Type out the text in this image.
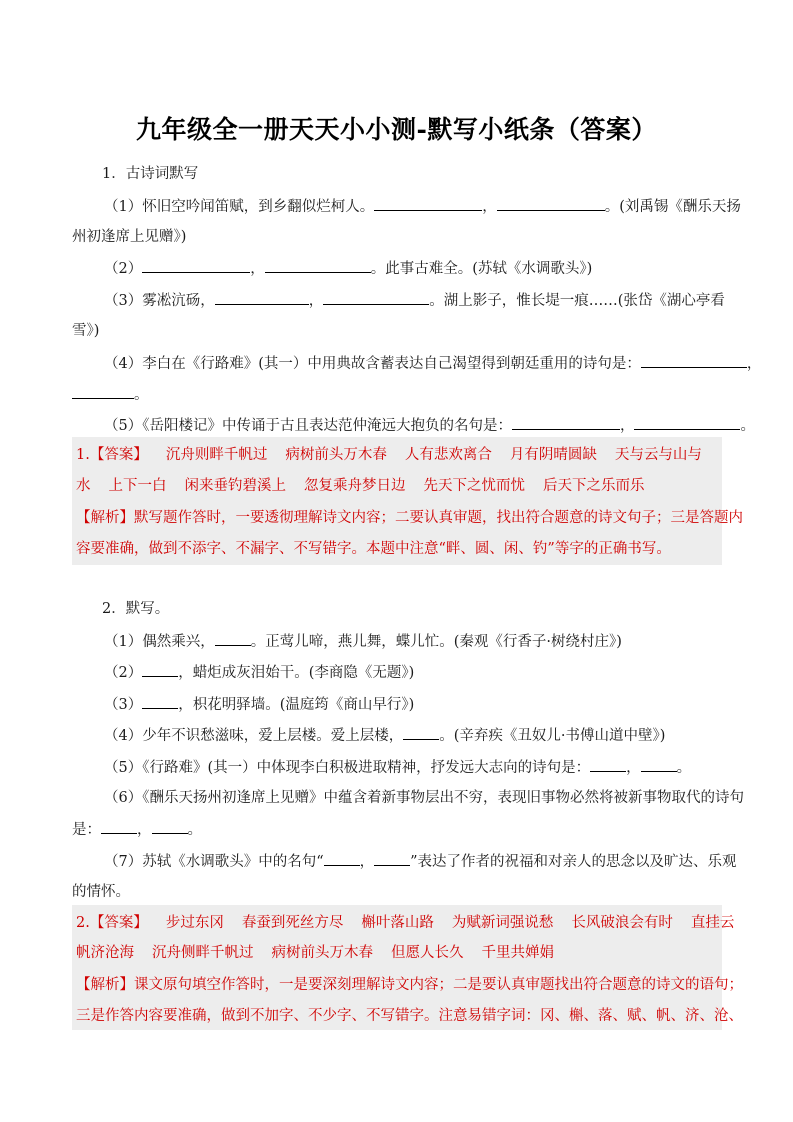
九年级全一册天天小小测-默写小纸条（答案）
1．古诗词默写
（1）怀旧空吟闻笛赋，到乡翻似烂柯人。	，	。(刘禹锡《酬乐天扬
州初逢席上见赠》)
（2）	，	。此事古难全。(苏轼《水调歌头》)
（3）雾凇沆砀，	，	。湖上影子，惟长堤一痕……(张岱《湖心亭看
雪》)
（4）李白在《行路难》(其一）中用典故含蓄表达自己渴望得到朝廷重用的诗句是：	，
。
（5）《岳阳楼记》中传诵于古且表达范仲淹远大抱负的名句是：	，	。
1.【答案】 沉舟则畔千帆过 病树前头万木春 人有悲欢离合 月有阴晴圆缺 天与云与山与
水 上下一白 闲来垂钓碧溪上 忽复乘舟梦日边 先天下之忧而忧 后天下之乐而乐
【解析】默写题作答时，一要透彻理解诗文内容；二要认真审题，找出符合题意的诗文句子；三是答题内
容要准确，做到不添字、不漏字、不写错字。本题中注意“畔、圆、闲、钓”等字的正确书写。
2．默写。
（1）偶然乘兴， 。正莺儿啼，燕儿舞，蝶儿忙。(秦观《行香子·树绕村庄》)
（2） ，蜡炬成灰泪始干。(李商隐《无题》)
（3） ，枳花明驿墙。(温庭筠《商山早行》)
（4）少年不识愁滋味，爱上层楼。爱上层楼， 。(辛弃疾《丑奴儿·书傅山道中壁》)
（5）《行路难》(其一）中体现李白积极进取精神，抒发远大志向的诗句是： ， 。
（6）《酬乐天扬州初逢席上见赠》中蕴含着新事物层出不穷，表现旧事物必然将被新事物取代的诗句
是： ， 。
（7）苏轼《水调歌头》中的名句“ ， ”表达了作者的祝福和对亲人的思念以及旷达、乐观
的情怀。
2.【答案】 步过东冈 春蚕到死丝方尽 槲叶落山路 为赋新词强说愁 长风破浪会有时 直挂云
帆济沧海 沉舟侧畔千帆过 病树前头万木春 但愿人长久 千里共婵娟
【解析】课文原句填空作答时，一是要深刻理解诗文内容；二是要认真审题找出符合题意的诗文的语句；
三是作答内容要准确，做到不加字、不少字、不写错字。注意易错字词：冈、槲、落、赋、帆、济、沧、
